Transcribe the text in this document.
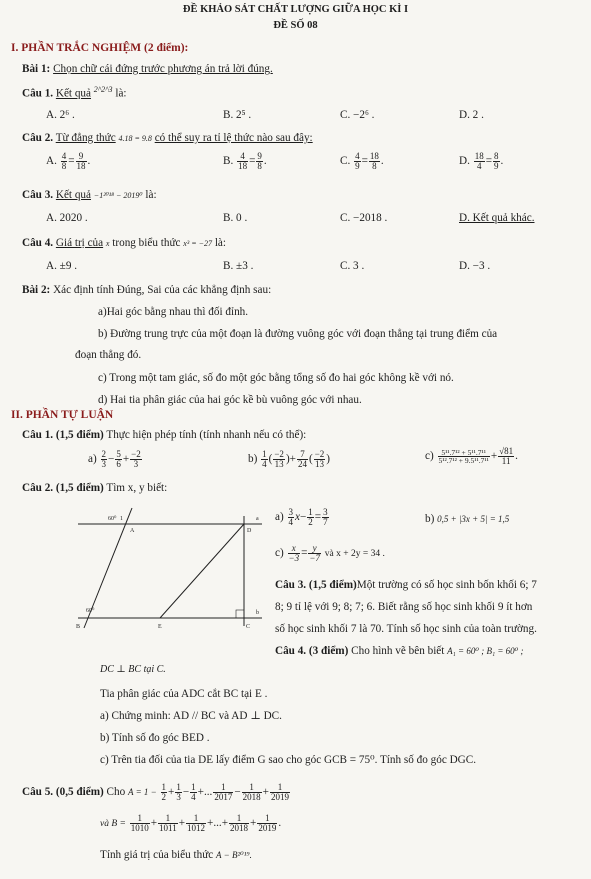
ĐỀ KHẢO SÁT CHẤT LƯỢNG GIỮA HỌC KÌ I
ĐỀ SỐ 08
I. PHẦN TRẮC NGHIỆM (2 điểm):
Bài 1: Chọn chữ cái đứng trước phương án trả lời đúng.
Câu 1. Kết quả $^{2\^{}2\^{}3}$ là:
A. 2⁶ .	B. 2⁵ .	C. −2⁶ .	D. 2 .
Câu 2. Từ đẳng thức 4.18 = 9.8 có thể suy ra tỉ lệ thức nào sau đây:
A. $\frac{4}{8} = \frac{9}{18}$ .	B. $\frac{4}{18} = \frac{9}{8}$ .	C. $\frac{4}{9} = \frac{18}{8}$ .	D. $\frac{18}{4} = \frac{8}{9}$ .
Câu 3. Kết quả −1²⁰¹⁸ − 2019⁰ là:
A. 2020 .	B. 0 .	C. −2018 .	D. Kết quả khác.
Câu 4. Giá trị của x trong biểu thức x³ = −27 là:
A. ±9 .	B. ±3 .	C. 3 .	D. −3 .
Bài 2: Xác định tính Đúng, Sai của các khẳng định sau:
a)Hai góc bằng nhau thì đối đỉnh.
b) Đường trung trực của một đoạn là đường vuông góc với đoạn thẳng tại trung điểm của
đoạn thẳng đó.
c) Trong một tam giác, số đo một góc bằng tổng số đo hai góc không kề với nó.
d) Hai tia phân giác của hai góc kề bù vuông góc với nhau.
II. PHẦN TỰ LUẬN
Câu 1. (1,5 điểm) Thực hiện phép tính (tính nhanh nếu có thể):
$a) \frac{2}{3} - \frac{5}{6} + \frac{-2}{3}$	$b) \frac{1}{4}$ ( $\frac{-2}{13}$ )+ $\frac{7}{24}$ ( $\frac{-2}{13}$ )	$c) \frac{\text{5¹¹.7¹² + 5¹¹.7¹¹}}{\text{5¹².7¹² + 9.5¹¹.7¹¹}} + \frac{√81}{11}$ .
Câu 2. (1,5 điểm) Tìm x, y biết:
a
b
A
B	C
D
E
60⁰
60⁰
1	$a) \frac{3}{4} x- \frac{1}{2} = \frac{3}{7}$	b) 0,5 + |3x + 5| = 1,5
$c) \frac{x}{-3} = \frac{y}{-7}$ và x + 2y = 34 .
Câu 3. (1,5 điểm)Một trường có số học sinh bốn khối 6; 7
8; 9 tỉ lệ với 9; 8; 7; 6. Biết rằng số học sinh khối 9 ít hơn
số học sinh khối 7 là 70. Tính số học sinh của toàn trường.
Câu 4. (3 điểm) Cho hình vẽ bên biết A₁ = 60⁰ ; B₁ = 60⁰ ;
DC ⊥ BC tại C.
Tia phân giác của ADC cắt BC tại E .
a) Chứng minh: AD // BC và AD ⊥ DC.
b) Tính số đo góc BED .
c) Trên tia đối của tia DE lấy điểm G sao cho góc GCB = 75⁰. Tính số đo góc DGC.
Câu 5. (0,5 điểm) Cho $A = 1 - \frac{1}{2} + \frac{1}{3} - \frac{1}{4}$ +... $\frac{1}{2017} - \frac{1}{2018} + \frac{1}{2019}$
và $B = \frac{1}{1010} + \frac{1}{1011} + \frac{1}{1012}$ +...+ $\frac{1}{2018} + \frac{1}{2019}$ .
Tính giá trị của biểu thức A − B²⁰¹⁹.
